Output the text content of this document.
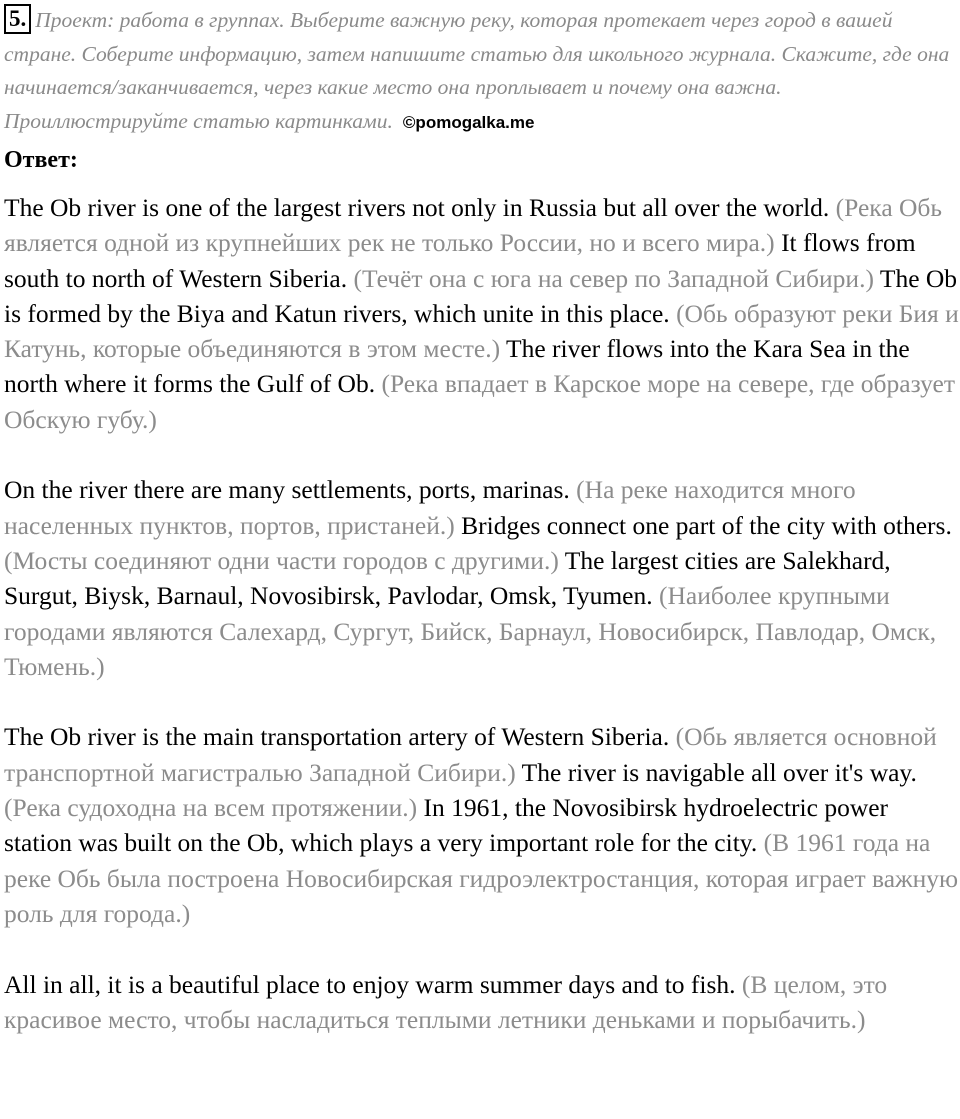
5. Проект: работа в группах. Выберите важную реку, которая протекает через город в вашей стране. Соберите информацию, затем напишите статью для школьного журнала. Скажите, где она начинается/заканчивается, через какие место она проплывает и почему она важна. Проиллюстрируйте статью картинками. ©pomogalka.me
Ответ:

The Ob river is one of the largest rivers not only in Russia but all over the world. (Река Обь является одной из крупнейших рек не только России, но и всего мира.) It flows from south to north of Western Siberia. (Течёт она с юга на север по Западной Сибири.) The Ob is formed by the Biya and Katun rivers, which unite in this place. (Обь образуют реки Бия и Катунь, которые объединяются в этом месте.) The river flows into the Kara Sea in the north where it forms the Gulf of Ob. (Река впадает в Карское море на севере, где образует Обскую губу.)

On the river there are many settlements, ports, marinas. (На реке находится много населенных пунктов, портов, пристаней.) Bridges connect one part of the city with others. (Мосты соединяют одни части городов с другими.) The largest cities are Salekhard, Surgut, Biysk, Barnaul, Novosibirsk, Pavlodar, Omsk, Tyumen. (Наиболее крупными городами являются Салехард, Сургут, Бийск, Барнаул, Новосибирск, Павлодар, Омск, Тюмень.)

The Ob river is the main transportation artery of Western Siberia. (Обь является основной транспортной магистралью Западной Сибири.) The river is navigable all over it's way. (Река судоходна на всем протяжении.) In 1961, the Novosibirsk hydroelectric power station was built on the Ob, which plays a very important role for the city. (В 1961 года на реке Обь была построена Новосибирская гидроэлектростанция, которая играет важную роль для города.)

All in all, it is a beautiful place to enjoy warm summer days and to fish. (В целом, это красивое место, чтобы насладиться теплыми летники деньками и порыбачить.)
